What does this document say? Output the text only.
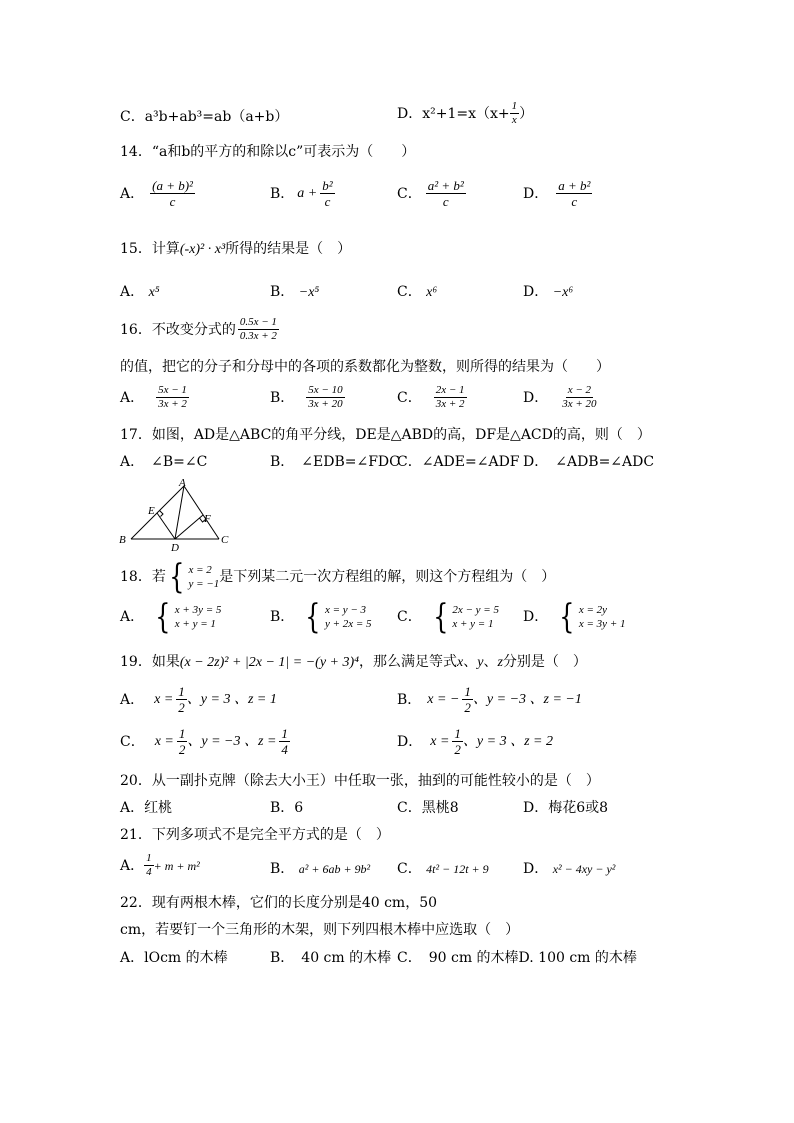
C．a³b+ab³=ab（a+b）	D．$x^2+1=x(x+ \frac{1}{x}$ ）
14．“a和b的平方的和除以c”可表示为（　　）
A． $\frac{\text{(a + b)²}}{c}$	B． $a + \frac{\text{b²}}{c}$	C． $\frac{\text{a² + b²}}{c}$	D． $\frac{\text{a + b²}}{c}$
15．计算(-x)² · x³所得的结果是（　）
A． x⁵	B． −x⁵	C． x⁶	D． −x⁶
16．不改变分式的 $\frac{0.5x - 1}{0.3x + 2}$
的值，把它的分子和分母中的各项的系数都化为整数，则所得的结果为（　　）
A． $\frac{5x - 1}{3x + 2}$	B． $\frac{5x - 10}{3x + 20}$	C． $\frac{2x - 1}{3x + 2}$	D． $\frac{x - 2}{3x + 20}$
17．如图，AD是△ABC的角平分线，DE是△ABD的高，DF是△ACD的高，则（　）
A．　∠B=∠C	B．　∠EDB=∠FDC
C．∠ADE=∠ADF D．　∠ADB=∠ADC
A
B	C
D
E
F
18．若 { x = 2
y = −1 是下列某二元一次方程组的解，则这个方程组为（　）
A． { x + 3y = 5
x + y = 1	B． { x = y − 3
y + 2x = 5 C． { 2x − y = 5
x + y = 1	D． { x = 2y
x = 3y + 1
19．如果(x − 2z)² + |2x − 1| = −(y + 3)⁴，那么满足等式x、y、z分别是（　）
A． $x = \frac{1}{2}$ 、y = 3 、z = 1	B． x = − $\frac{1}{2}$ 、y = −3 、z = −1
C． $x = \frac{1}{2}$ 、y = −3 、$z = \frac{1}{4}$	D． $x = \frac{1}{2}$ 、y = 3 、z = 2
20．从一副扑克牌（除去大小王）中任取一张，抽到的可能性较小的是（　）
A．红桃	B．6	C．黑桃8	D．梅花6或8
21．下列多项式不是完全平方式的是（　）
A． $\frac{1}{4} + m + m^2$	B． a² + 6ab + 9b² C． 4t² − 12t + 9 D． x² − 4xy − y²
22．现有两根木棒，它们的长度分别是40 cm，50
cm，若要钉一个三角形的木架，则下列四根木棒中应选取（　）
A．lOcm 的木棒	B．　40 cm 的木棒 C．　90 cm 的木棒D. 100 cm 的木棒
